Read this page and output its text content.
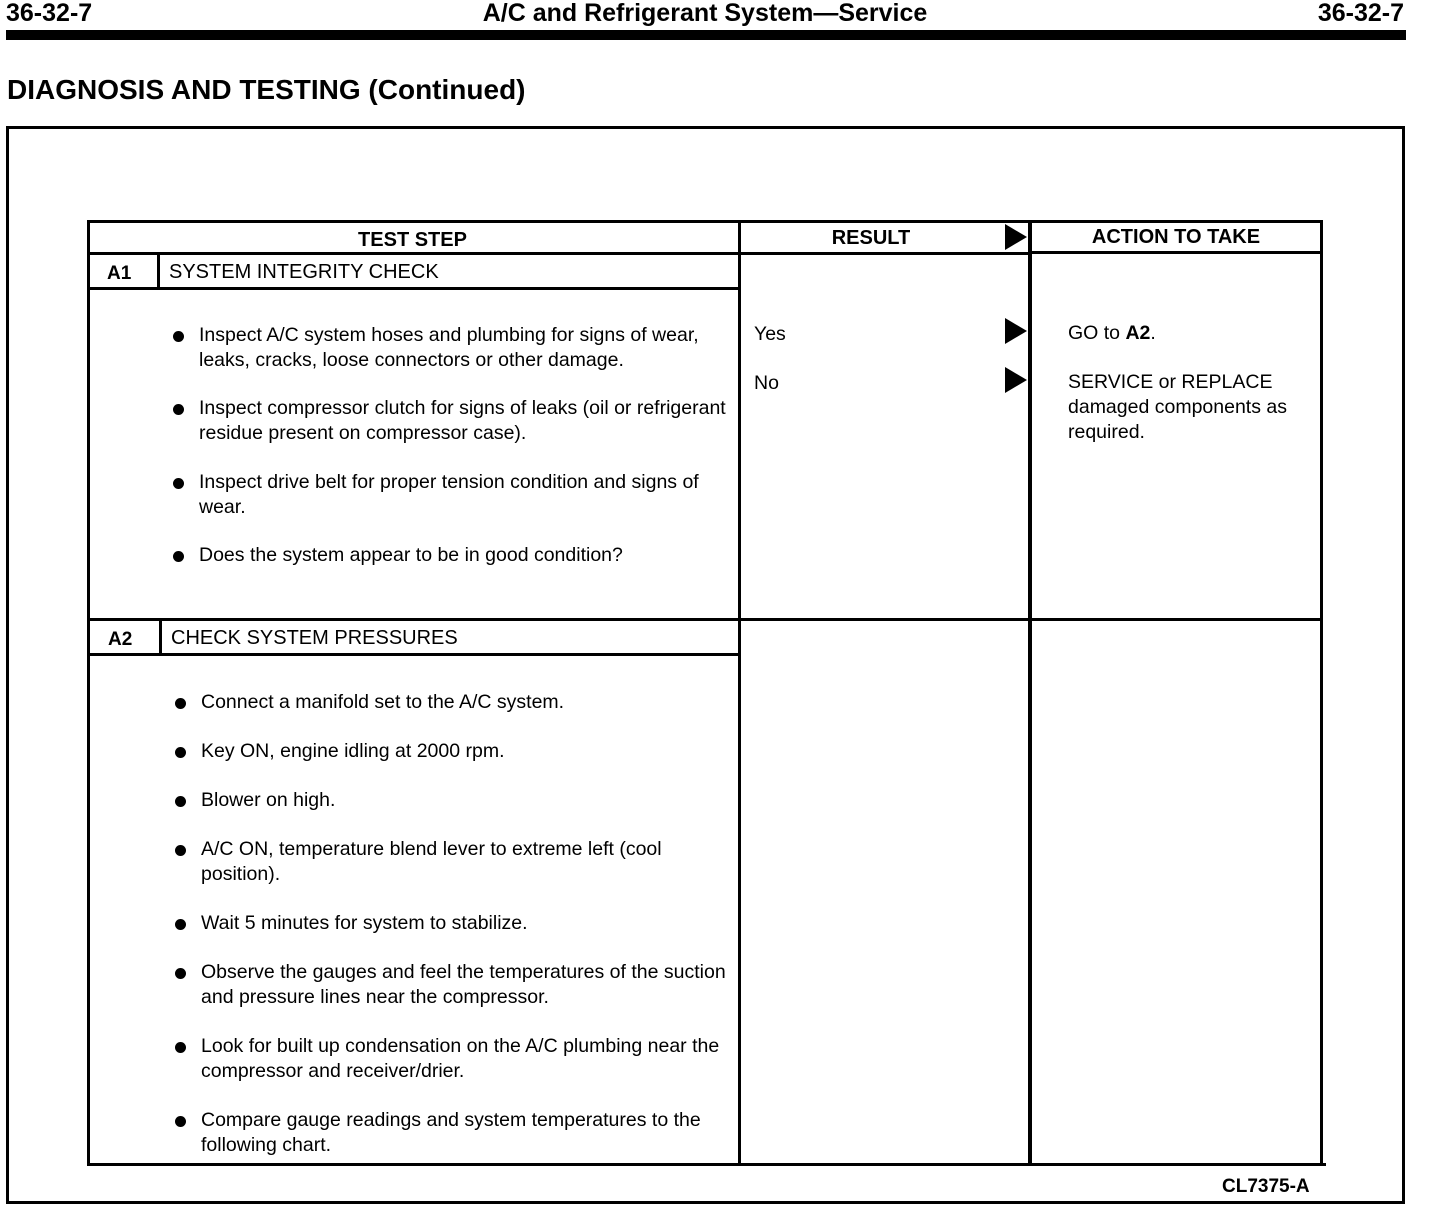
36-32-7	A/C and Refrigerant System—Service	36-32-7
DIAGNOSIS AND TESTING (Continued)
TEST STEP	RESULT	ACTION TO TAKE
A1 SYSTEM INTEGRITY CHECK
Inspect A/C system hoses and plumbing for signs of wear, leaks, cracks, loose connectors or other damage.
Inspect compressor clutch for signs of leaks (oil or refrigerant residue present on compressor case).
Inspect drive belt for proper tension condition and signs of wear.
Does the system appear to be in good condition?
Yes	GO to A2.
No	SERVICE or REPLACE damaged components as required.
A2 CHECK SYSTEM PRESSURES
Connect a manifold set to the A/C system.
Key ON, engine idling at 2000 rpm.
Blower on high.
A/C ON, temperature blend lever to extreme left (cool position).
Wait 5 minutes for system to stabilize.
Observe the gauges and feel the temperatures of the suction and pressure lines near the compressor.
Look for built up condensation on the A/C plumbing near the compressor and receiver/drier.
Compare gauge readings and system temperatures to the following chart.
CL7375-A
